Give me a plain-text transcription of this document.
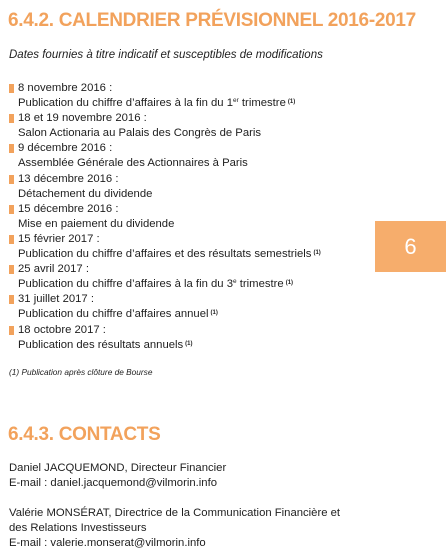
6.4.2. CALENDRIER PRÉVISIONNEL 2016-2017

Dates fournies à titre indicatif et susceptibles de modifications

8 novembre 2016 :
Publication du chiffre d’affaires à la fin du 1er trimestre $^{(1)}$
18 et 19 novembre 2016 :
Salon Actionaria au Palais des Congrès de Paris
9 décembre 2016 :
Assemblée Générale des Actionnaires à Paris
13 décembre 2016 :
Détachement du dividende
15 décembre 2016 :
Mise en paiement du dividende
15 février 2017 :
Publication du chiffre d’affaires et des résultats semestriels $^{(1)}$
25 avril 2017 :
Publication du chiffre d’affaires à la fin du 3e trimestre $^{(1)}$
31 juillet 2017 :
Publication du chiffre d’affaires annuel $^{(1)}$
18 octobre 2017 :
Publication des résultats annuels $^{(1)}$

(1) Publication après clôture de Bourse

6.4.3. CONTACTS
Daniel JACQUEMOND, Directeur Financier
E-mail : daniel.jacquemond@vilmorin.info
Valérie MONSÉRAT, Directrice de la Communication Financière et
des Relations Investisseurs
E-mail : valerie.monserat@vilmorin.info
6
